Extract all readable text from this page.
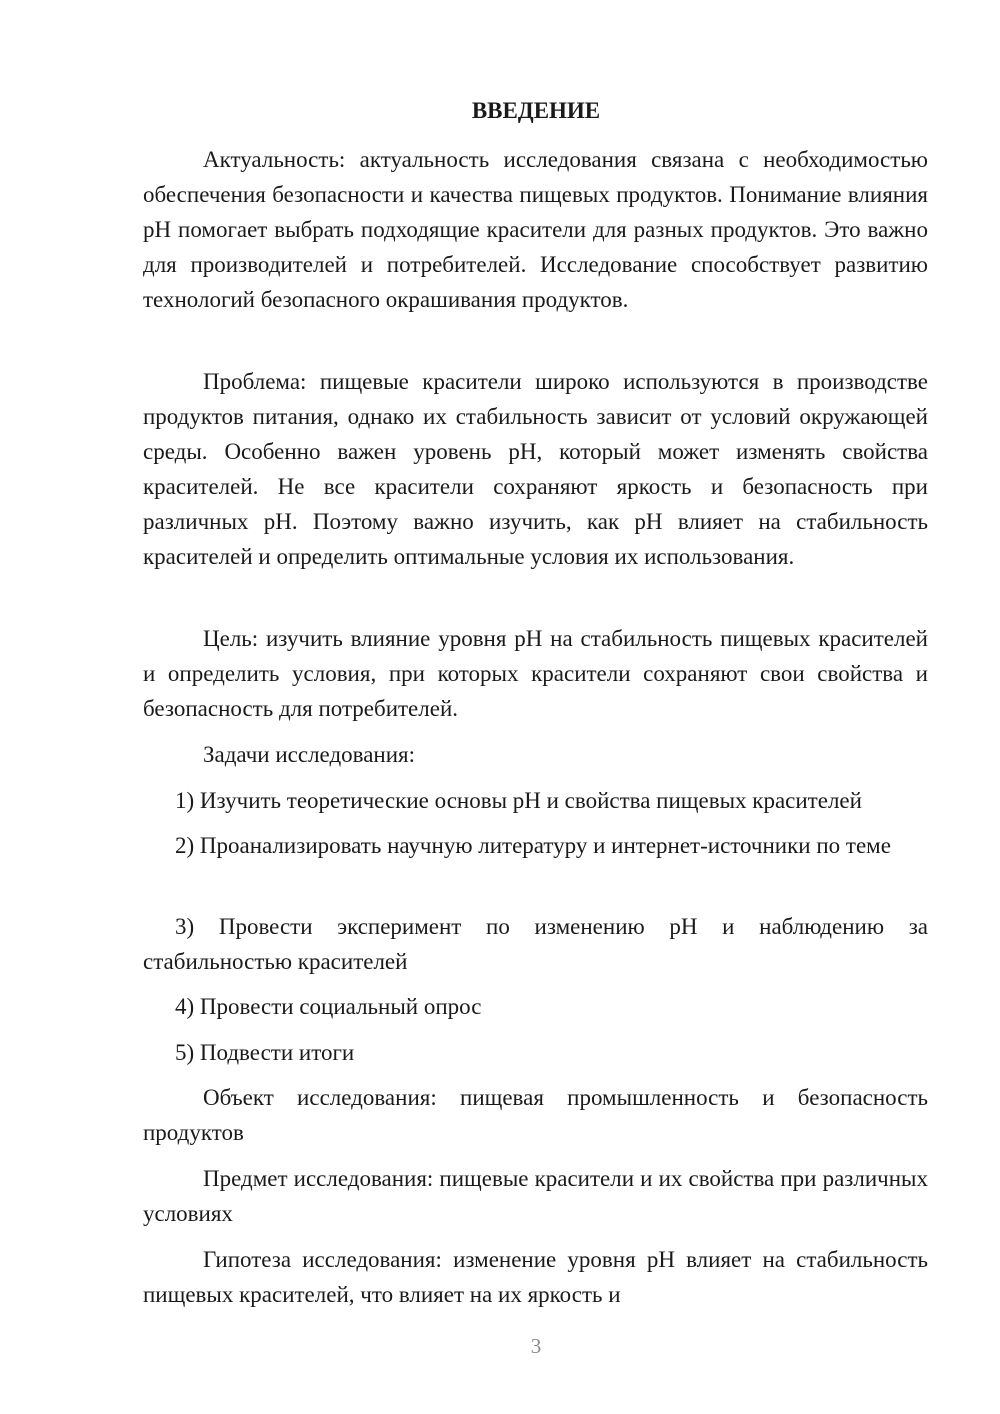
ВВЕДЕНИЕ
Актуальность: актуальность исследования связана с необходимостью обеспечения безопасности и качества пищевых продуктов. Понимание влияния pH помогает выбрать подходящие красители для разных продуктов. Это важно для производителей и потребителей. Исследование способствует развитию технологий безопасного окрашивания продуктов.
Проблема: пищевые красители широко используются в производстве продуктов питания, однако их стабильность зависит от условий окружающей среды. Особенно важен уровень pH, который может изменять свойства красителей. Не все красители сохраняют яркость и безопасность при различных pH. Поэтому важно изучить, как pH влияет на стабильность красителей и определить оптимальные условия их использования.
Цель: изучить влияние уровня pH на стабильность пищевых красителей и определить условия, при которых красители сохраняют свои свойства и безопасность для потребителей.
Задачи исследования:
1) Изучить теоретические основы pH и свойства пищевых красителей
2) Проанализировать научную литературу и интернет-источники по теме
3) Провести эксперимент по изменению pH и наблюдению за стабильностью красителей
4) Провести социальный опрос
5) Подвести итоги
Объект исследования: пищевая промышленность и безопасность продуктов
Предмет исследования: пищевые красители и их свойства при различных условиях
Гипотеза исследования: изменение уровня pH влияет на стабильность пищевых красителей, что влияет на их яркость и
3
